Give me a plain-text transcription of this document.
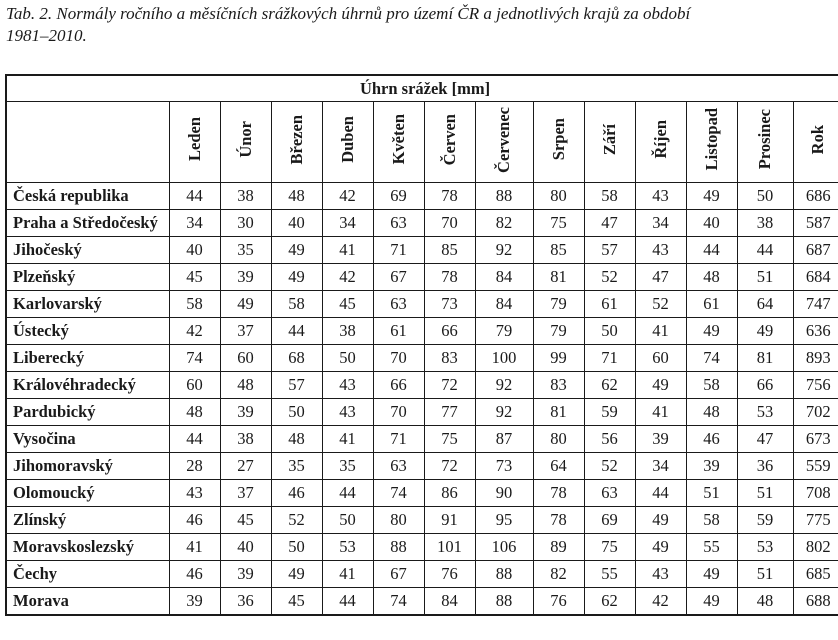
Tab. 2. Normály ročního a měsíčních srážkových úhrnů pro území ČR a jednotlivých krajů za období
1981–2010.

Úhrn srážek [mm]													
	Leden	Únor	Březen	Duben	Květen	Červen	Červenec	Srpen	Září	Říjen	Listopad	Prosinec	Rok
Česká republika	44	38	48	42	69	78	88	80	58	43	49	50	686
Praha a Středočeský	34	30	40	34	63	70	82	75	47	34	40	38	587
Jihočeský	40	35	49	41	71	85	92	85	57	43	44	44	687
Plzeňský	45	39	49	42	67	78	84	81	52	47	48	51	684
Karlovarský	58	49	58	45	63	73	84	79	61	52	61	64	747
Ústecký	42	37	44	38	61	66	79	79	50	41	49	49	636
Liberecký	74	60	68	50	70	83	100	99	71	60	74	81	893
Královéhradecký	60	48	57	43	66	72	92	83	62	49	58	66	756
Pardubický	48	39	50	43	70	77	92	81	59	41	48	53	702
Vysočina	44	38	48	41	71	75	87	80	56	39	46	47	673
Jihomoravský	28	27	35	35	63	72	73	64	52	34	39	36	559
Olomoucký	43	37	46	44	74	86	90	78	63	44	51	51	708
Zlínský	46	45	52	50	80	91	95	78	69	49	58	59	775
Moravskoslezský	41	40	50	53	88	101	106	89	75	49	55	53	802
Čechy	46	39	49	41	67	76	88	82	55	43	49	51	685
Morava	39	36	45	44	74	84	88	76	62	42	49	48	688
